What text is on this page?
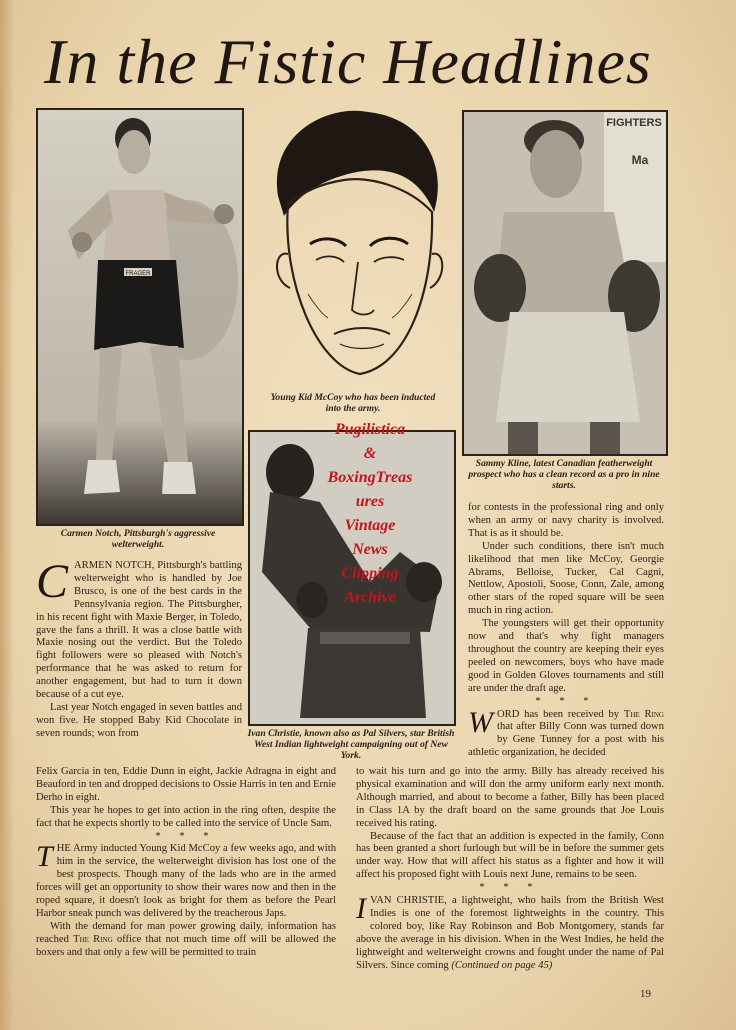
In the Fistic Headlines
FRAGER
Carmen Notch, Pittsburgh's aggressive welterweight.
Young Kid McCoy who has been inducted into the army.
FIGHTERS
Ma
Sammy Kline, latest Canadian featherweight prospect who has a clean record as a pro in nine starts.
Ivan Christie, known also as Pal Silvers, star British West Indian lightweight campaigning out of New York.
Pugilistica
&
BoxingTreas
ures
Vintage
News
Clipping
Archive

CARMEN NOTCH, Pittsburgh's battling welterweight who is handled by Joe Brusco, is one of the best cards in the Pennsylvania region. The Pittsburgher, in his recent fight with Maxie Berger, in Toledo, gave the fans a thrill. It was a close battle with Maxie nosing out the verdict. But the Toledo fight followers were so pleased with Notch's performance that he was asked to return for another engagement, but had to turn it down because of a cut eye.

Last year Notch engaged in seven battles and won five. He stopped Baby Kid Chocolate in seven rounds; won from

Felix Garcia in ten, Eddie Dunn in eight, Jackie Adragna in eight and Beauford in ten and dropped decisions to Ossie Harris in ten and Ernie Derho in eight.

This year he hopes to get into action in the ring often, despite the fact that he expects shortly to be called into the service of Uncle Sam.

* * *

THE Army inducted Young Kid McCoy a few weeks ago, and with him in the service, the welterweight division has lost one of the best prospects. Though many of the lads who are in the armed forces will get an opportunity to show their wares now and then in the roped square, it doesn't look as bright for them as before the Pearl Harbor sneak punch was delivered by the treacherous Japs.

With the demand for man power growing daily, information has reached The Ring office that not much time off will be allowed the boxers and that only a few will be permitted to train

for contests in the professional ring and only when an army or navy charity is involved. That is as it should be.

Under such conditions, there isn't much likelihood that men like McCoy, Georgie Abrams, Belloise, Tucker, Cal Cagni, Nettlow, Apostoli, Soose, Conn, Zale, among other stars of the roped square will be seen much in ring action.

The youngsters will get their opportunity now and that's why fight managers throughout the country are keeping their eyes peeled on newcomers, boys who have made good in Golden Gloves tournaments and still are under the draft age.

* * *

WORD has been received by The Ring that after Billy Conn was turned down by Gene Tunney for a post with his athletic organization, he decided

to wait his turn and go into the army. Billy has already received his physical examination and will don the army uniform early next month. Although married, and about to become a father, Billy has been placed in Class 1A by the draft board on the same grounds that Joe Louis received his rating.

Because of the fact that an addition is expected in the family, Conn has been granted a short furlough but will be in before the summer gets under way. How that will affect his status as a fighter and how it will affect his proposed fight with Louis next June, remains to be seen.

* * *

IVAN CHRISTIE, a lightweight, who hails from the British West Indies is one of the foremost lightweights in the country. This colored boy, like Ray Robinson and Bob Montgomery, stands far above the average in his division. When in the West Indies, he held the lightweight and welterweight crowns and fought under the name of Pal Silvers. Since coming (Continued on page 45)

19
